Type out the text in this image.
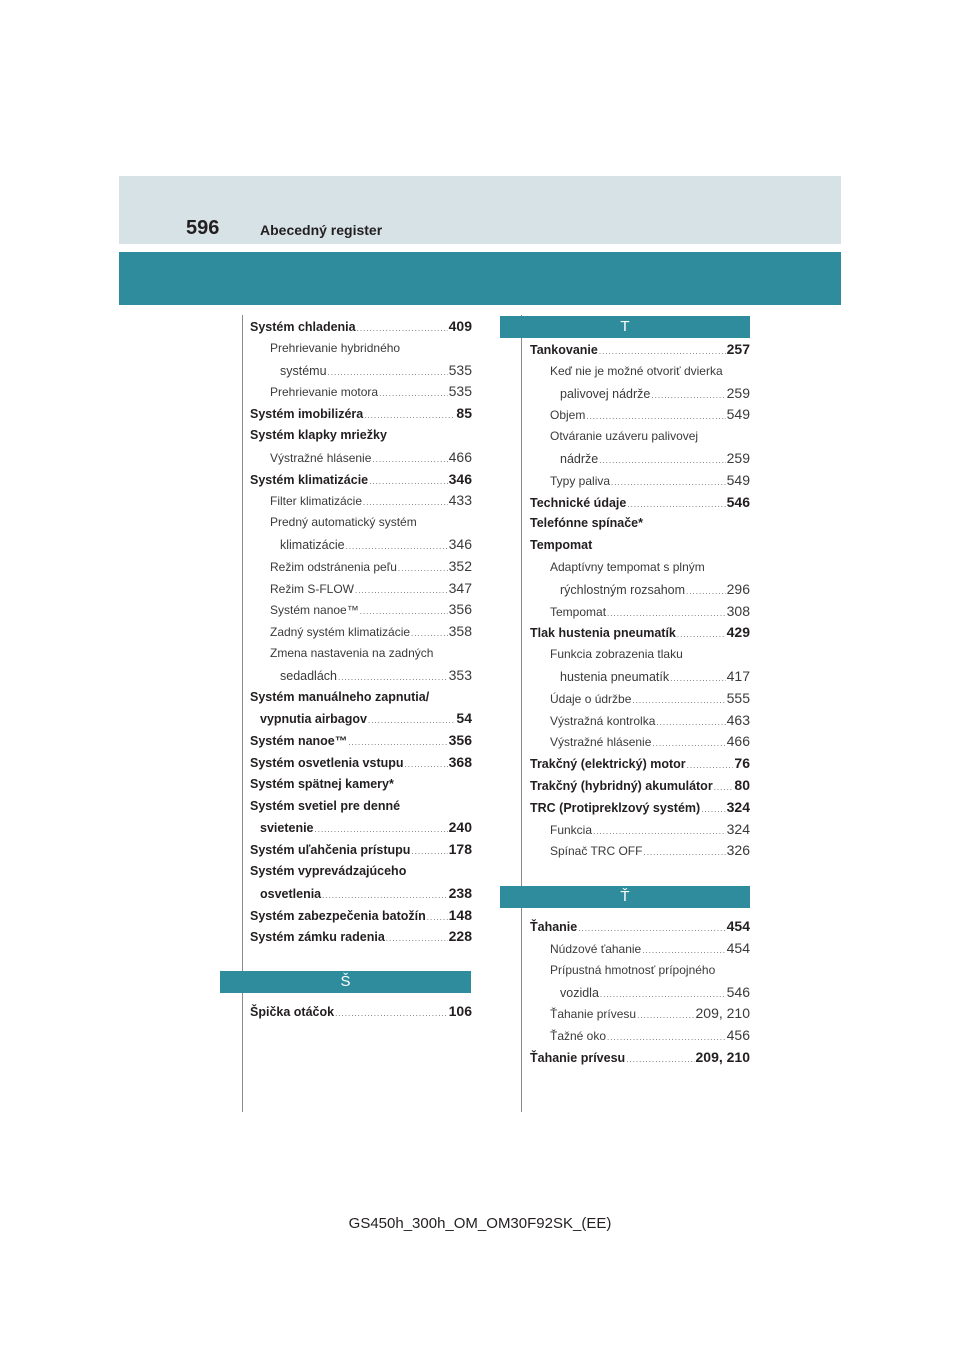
596	Abecedný register
Systém chladenia .....	409
Prehrievanie hybridného
systému .....	535
Prehrievanie motora .....	535
Systém imobilizéra .....	85
Systém klapky mriežky
Výstražné hlásenie .....	466
Systém klimatizácie .....	346
Filter klimatizácie .....	433
Predný automatický systém
klimatizácie .....	346
Režim odstránenia peľu .....	352
Režim S-FLOW .....	347
Systém nanoe™ .....	356
Zadný systém klimatizácie .....	358
Zmena nastavenia na zadných
sedadlách .....	353
Systém manuálneho zapnutia/
vypnutia airbagov .....	54
Systém nanoe™ .....	356
Systém osvetlenia vstupu .....	368
Systém spätnej kamery*
Systém svetiel pre denné
svietenie .....	240
Systém uľahčenia prístupu .....	178
Systém vyprevádzajúceho
osvetlenia .....	238
Systém zabezpečenia batožín ..... 148
Systém zámku radenia .....	228
Š
Špička otáčok .....	106
T
Tankovanie .....	257
Keď nie je možné otvoriť dvierka
palivovej nádrže .....	259
Objem .....	549
Otváranie uzáveru palivovej
nádrže .....	259
Typy paliva .....	549
Technické údaje .....	546
Telefónne spínače*
Tempomat
Adaptívny tempomat s plným
rýchlostným rozsahom .....	296
Tempomat .....	308
Tlak hustenia pneumatík .....	429
Funkcia zobrazenia tlaku
hustenia pneumatík .....	417
Údaje o údržbe .....	555
Výstražná kontrolka .....	463
Výstražné hlásenie .....	466
Trakčný (elektrický) motor .....	76
Trakčný (hybridný) akumulátor ..... 80
TRC (Protipreklzový systém) ..... 324
Funkcia .....	324
Spínač TRC OFF .....	326
Ť
Ťahanie .....	454
Núdzové ťahanie .....	454
Prípustná hmotnosť prípojného
vozidla .....	546
Ťahanie prívesu .....	209, 210
Ťažné oko .....	456
Ťahanie prívesu .....	209, 210
GS450h_300h_OM_OM30F92SK_(EE)
